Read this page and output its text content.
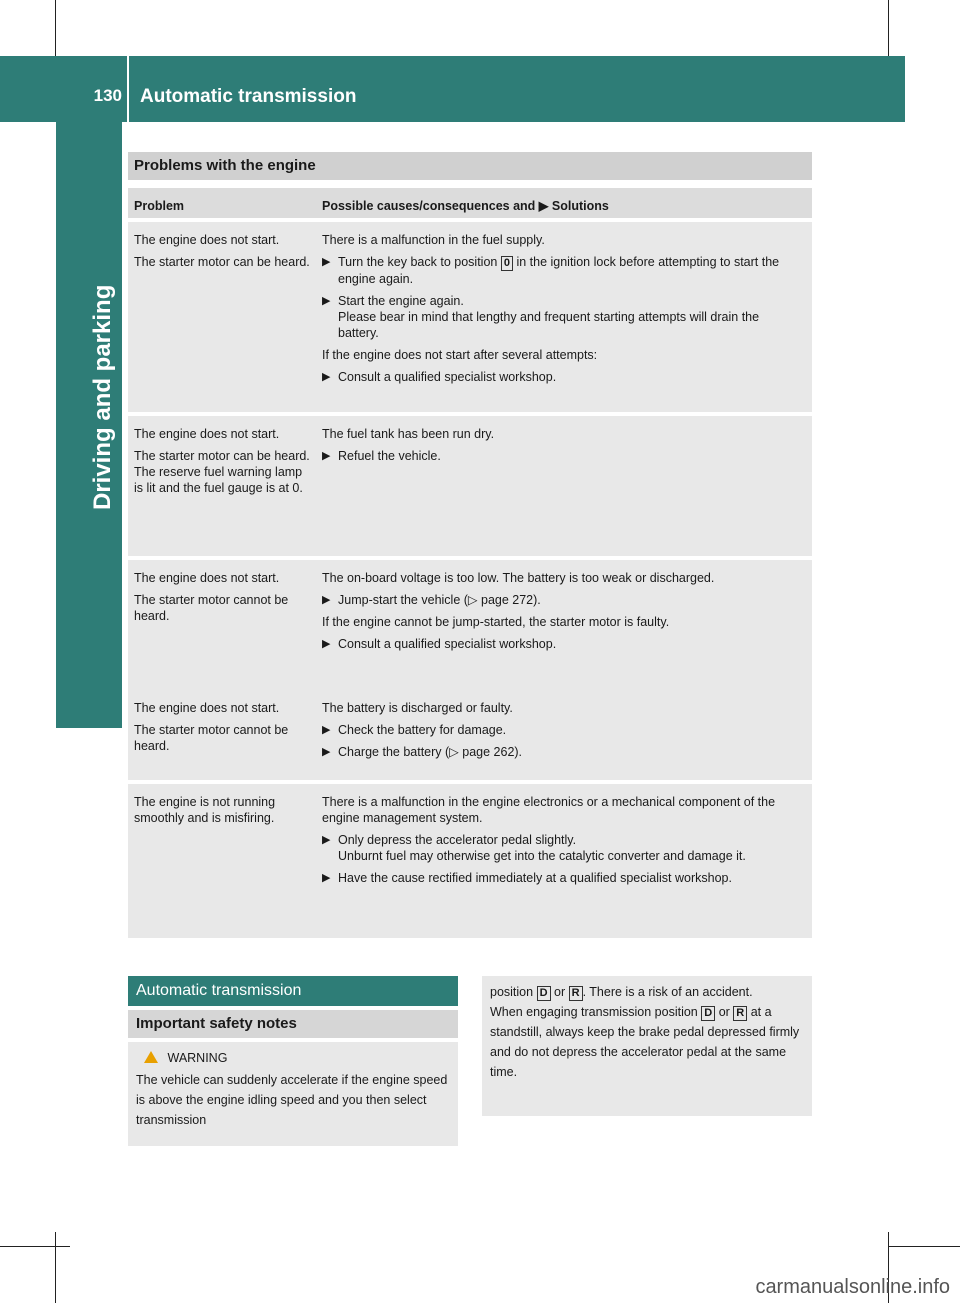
130 Automatic transmission
Driving and parking
Problems with the engine
Problem	Possible causes/consequences and ▶ Solutions

The engine does not start.

The starter motor can be heard.

There is a malfunction in the fuel supply.

▶ Turn the key back to position 0 in the ignition lock before attempting to start the engine again.
▶ Start the engine again.
Please bear in mind that lengthy and frequent starting attempts will drain the battery.

If the engine does not start after several attempts:

▶ Consult a qualified specialist workshop.

The engine does not start.

The starter motor can be heard. The reserve fuel warning lamp is lit and the fuel gauge is at 0.

The fuel tank has been run dry.

▶ Refuel the vehicle.

The engine does not start.

The starter motor cannot be heard.

The on-board voltage is too low. The battery is too weak or discharged.

▶ Jump-start the vehicle (▷ page 272).

If the engine cannot be jump-started, the starter motor is faulty.

▶ Consult a qualified specialist workshop.

The engine does not start.

The starter motor cannot be heard.

The battery is discharged or faulty.

▶ Check the battery for damage.
▶ Charge the battery (▷ page 262).

The engine is not running smoothly and is misfiring.

There is a malfunction in the engine electronics or a mechanical component of the engine management system.

▶ Only depress the accelerator pedal slightly.
Unburnt fuel may otherwise get into the catalytic converter and damage it.
▶ Have the cause rectified immediately at a qualified specialist workshop.
Automatic transmission
Important safety notes
WARNING
The vehicle can suddenly accelerate if the engine speed is above the engine idling speed and you then select transmission
position D or R . There is a risk of an accident.
When engaging transmission position D or R at a standstill, always keep the brake pedal depressed firmly and do not depress the accelerator pedal at the same time.
carmanualsonline.info
